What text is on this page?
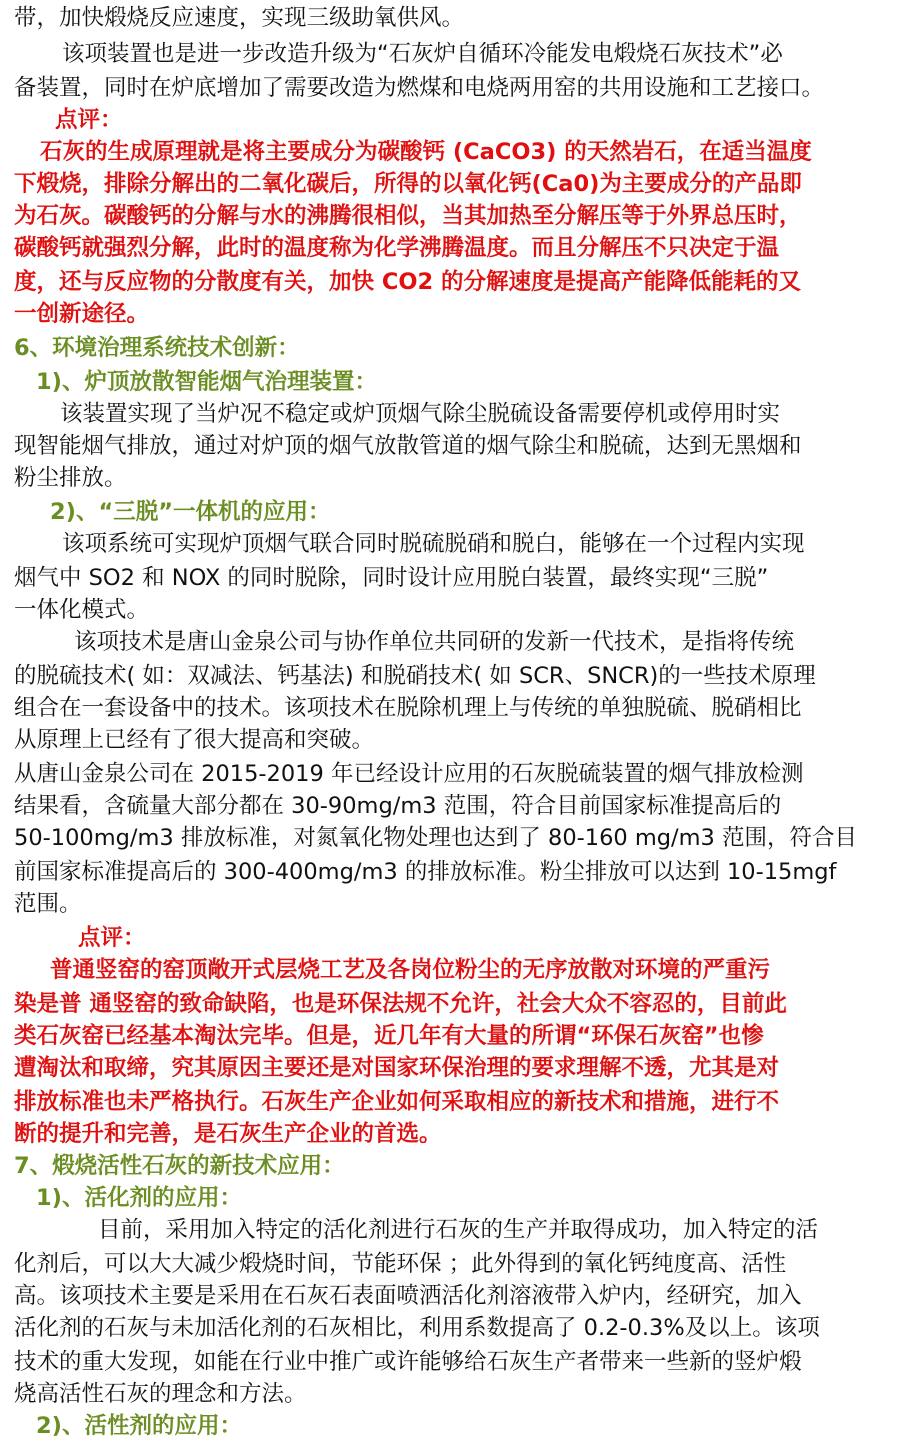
带，加快煅烧反应速度，实现三级助氧供风。
该项装置也是进一步改造升级为“石灰炉自循环冷能发电煅烧石灰技术”必
备装置，同时在炉底增加了需要改造为燃煤和电烧两用窑的共用设施和工艺接口。
点评：
石灰的生成原理就是将主要成分为碳酸钙 (CaCO3) 的天然岩石，在适当温度
下煅烧，排除分解出的二氧化碳后，所得的以氧化钙(Ca0)为主要成分的产品即
为石灰。碳酸钙的分解与水的沸腾很相似，当其加热至分解压等于外界总压时，
碳酸钙就强烈分解，此时的温度称为化学沸腾温度。而且分解压不只决定于温
度，还与反应物的分散度有关，加快 CO2 的分解速度是提高产能降低能耗的又
一创新途径。
6、环境治理系统技术创新：
1)、炉顶放散智能烟气治理装置：
该装置实现了当炉况不稳定或炉顶烟气除尘脱硫设备需要停机或停用时实
现智能烟气排放，通过对炉顶的烟气放散管道的烟气除尘和脱硫，达到无黑烟和
粉尘排放。
2)、“三脱”一体机的应用：
该项系统可实现炉顶烟气联合同时脱硫脱硝和脱白，能够在一个过程内实现
烟气中 SO2 和 NOX 的同时脱除，同时设计应用脱白装置，最终实现“三脱”
一体化模式。
该项技术是唐山金泉公司与协作单位共同研的发新一代技术，是指将传统
的脱硫技术( 如：双减法、钙基法) 和脱硝技术( 如 SCR、SNCR)的一些技术原理
组合在一套设备中的技术。该项技术在脱除机理上与传统的单独脱硫、脱硝相比
从原理上已经有了很大提高和突破。
从唐山金泉公司在 2015-2019 年已经设计应用的石灰脱硫装置的烟气排放检测
结果看，含硫量大部分都在 30-90mg/m3 范围，符合目前国家标准提高后的
50-100mg/m3 排放标准，对氮氧化物处理也达到了 80-160 mg/m3 范围，符合目
前国家标准提高后的 300-400mg/m3 的排放标准。粉尘排放可以达到 10-15mgf
范围。
点评：
普通竖窑的窑顶敞开式层烧工艺及各岗位粉尘的无序放散对环境的严重污
染是普 通竖窑的致命缺陷，也是环保法规不允许，社会大众不容忍的，目前此
类石灰窑已经基本淘汰完毕。但是，近几年有大量的所谓“环保石灰窑”也惨
遭淘汰和取缔，究其原因主要还是对国家环保治理的要求理解不透，尤其是对
排放标准也未严格执行。石灰生产企业如何采取相应的新技术和措施，进行不
断的提升和完善，是石灰生产企业的首选。
7、煅烧活性石灰的新技术应用：
1)、活化剂的应用：
目前，采用加入特定的活化剂进行石灰的生产并取得成功，加入特定的活
化剂后，可以大大减少煅烧时间，节能环保 ；此外得到的氧化钙纯度高、活性
高。该项技术主要是采用在石灰石表面喷洒活化剂溶液带入炉内，经研究，加入
活化剂的石灰与未加活化剂的石灰相比，利用系数提高了 0.2-0.3%及以上。该项
技术的重大发现，如能在行业中推广或许能够给石灰生产者带来一些新的竖炉煅
烧高活性石灰的理念和方法。
2)、活性剂的应用：
